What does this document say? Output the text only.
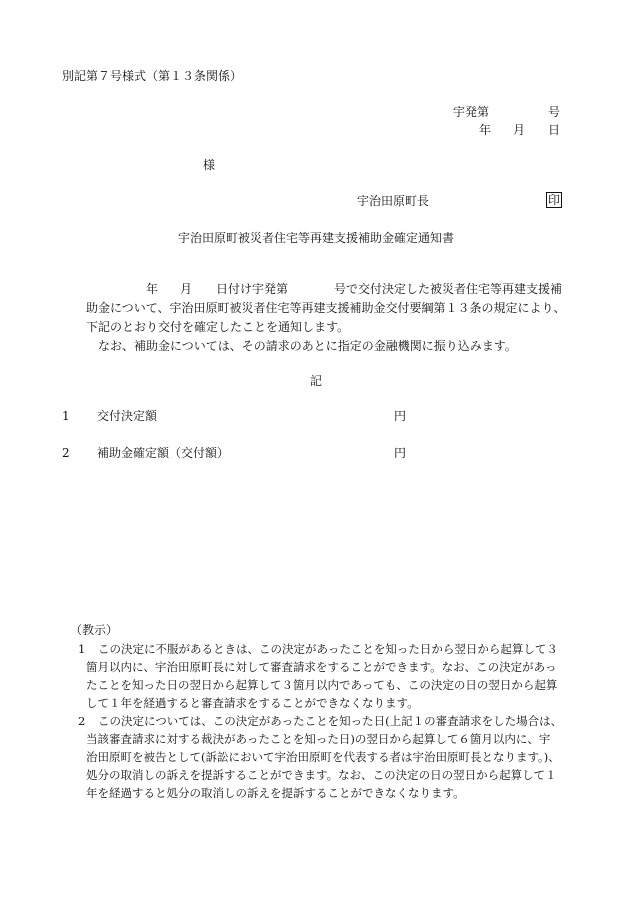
別記第７号様式（第１３条関係）
宇発第	号
年 月 日
様
宇治田原町長	印
宇治田原町被災者住宅等再建支援補助金確定通知書
年 月 日付け宇発第	号で交付決定した被災者住宅等再建支援補
助金について、宇治田原町被災者住宅等再建支援補助金交付要綱第１３条の規定により、
下記のとおり交付を確定したことを通知します。
なお、補助金については、その請求のあとに指定の金融機関に振り込みます。
記
1 交付決定額	円
2 補助金確定額（交付額）	円
（教示）
1 この決定に不服があるときは、この決定があったことを知った日から翌日から起算して３
箇月以内に、宇治田原町長に対して審査請求をすることができます。なお、この決定があっ
たことを知った日の翌日から起算して３箇月以内であっても、この決定の日の翌日から起算
して１年を経過すると審査請求をすることができなくなります。
2 この決定については、この決定があったことを知った日(上記１の審査請求をした場合は、
当該審査請求に対する裁決があったことを知った日)の翌日から起算して６箇月以内に、宇
治田原町を被告として(訴訟において宇治田原町を代表する者は宇治田原町長となります。)、
処分の取消しの訴えを提訴することができます。なお、この決定の日の翌日から起算して１
年を経過すると処分の取消しの訴えを提訴することができなくなります。
